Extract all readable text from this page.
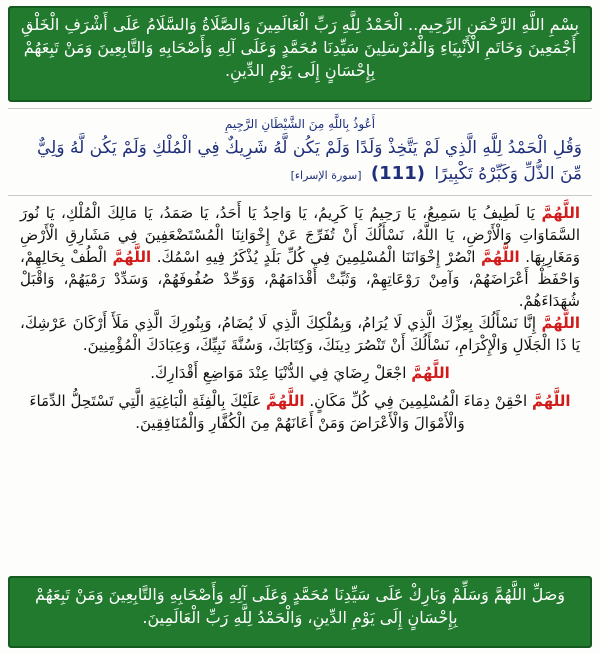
بِسْمِ اللَّهِ الرَّحْمَنِ الرَّحِيمِ.. الْحَمْدُ لِلَّهِ رَبِّ الْعَالَمِينَ وَالصَّلَاةُ وَالسَّلَامُ عَلَى أَشْرَفِ الْخَلْقِ أَجْمَعِينَ وَخَاتَمِ الْأَنْبِيَاءِ وَالْمُرْسَلِينَ سَيِّدِنَا مُحَمَّدٍ وَعَلَى آلِهِ وَأَصْحَابِهِ وَالتَّابِعِينَ وَمَنْ تَبِعَهُمْ بِإِحْسَانٍ إِلَى يَوْمِ الدِّينِ.
أَعُوذُ بِاللَّهِ مِنَ الشَّيْطَانِ الرَّجِيمِ
وَقُلِ الْحَمْدُ لِلَّهِ الَّذِي لَمْ يَتَّخِذْ وَلَدًا وَلَمْ يَكُن لَّهُ شَرِيكٌ فِي الْمُلْكِ وَلَمْ يَكُن لَّهُ وَلِيٌّ مِّنَ الذُّلِّ وَكَبِّرْهُ تَكْبِيرًا (111) [سورة الإسراء]
اللَّهُمَّ يَا لَطِيفُ يَا سَمِيعُ، يَا رَحِيمُ يَا كَرِيمُ، يَا وَاحِدُ يَا أَحَدُ، يَا صَمَدُ، يَا مَالِكَ الْمُلْكِ، يَا نُورَ السَّمَاوَاتِ وَالْأَرْضِ، يَا اللَّهُ، نَسْأَلُكَ أَنْ تُفَرِّجَ عَنْ إِخْوَانِنَا الْمُسْتَضْعَفِينَ فِي مَشَارِقِ الْأَرْضِ وَمَغَارِبِهَا. اللَّهُمَّ انْصُرْ إِخْوَانَنَا الْمُسْلِمِينَ فِي كُلِّ بَلَدٍ يُذْكَرُ فِيهِ اسْمُكَ. اللَّهُمَّ الْطُفْ بِحَالِهِمْ، وَاحْفَظْ أَعْرَاضَهُمْ، وَآمِنْ رَوْعَاتِهِمْ، وَثَبِّتْ أَقْدَامَهُمْ، وَوَحِّدْ صُفُوفَهُمْ، وَسَدِّدْ رَمْيَهُمْ، وَاقْبَلْ شُهَدَاءَهُمْ.
اللَّهُمَّ إِنَّا نَسْأَلُكَ بِعِزِّكَ الَّذِي لَا يُرَامُ، وَبِمُلْكِكَ الَّذِي لَا يُضَامُ، وَبِنُورِكَ الَّذِي مَلَأَ أَرْكَانَ عَرْشِكَ، يَا ذَا الْجَلَالِ وَالْإِكْرَامِ، نَسْأَلُكَ أَنْ تَنْصُرَ دِينَكَ، وَكِتَابَكَ، وَسُنَّةَ نَبِيِّكَ، وَعِبَادَكَ الْمُؤْمِنِينَ.
اللَّهُمَّ اجْعَلْ رِضَايَ فِي الدُّنْيَا عِنْدَ مَوَاضِعِ أَقْدَارِكَ.
اللَّهُمَّ احْقِنْ دِمَاءَ الْمُسْلِمِينَ فِي كُلِّ مَكَانٍ. اللَّهُمَّ عَلَيْكَ بِالْفِئَةِ الْبَاغِيَةِ الَّتِي تَسْتَحِلُّ الدِّمَاءَ وَالْأَمْوَالَ وَالْأَعْرَاضَ وَمَنْ أَعَانَهُمْ مِنَ الْكُفَّارِ وَالْمُنَافِقِينَ.
وَصَلِّ اللَّهُمَّ وَسَلِّمْ وَبَارِكْ عَلَى سَيِّدِنَا مُحَمَّدٍ وَعَلَى آلِهِ وَأَصْحَابِهِ وَالتَّابِعِينَ وَمَنْ تَبِعَهُمْ بِإِحْسَانٍ إِلَى يَوْمِ الدِّينِ، وَالْحَمْدُ لِلَّهِ رَبِّ الْعَالَمِينَ.
